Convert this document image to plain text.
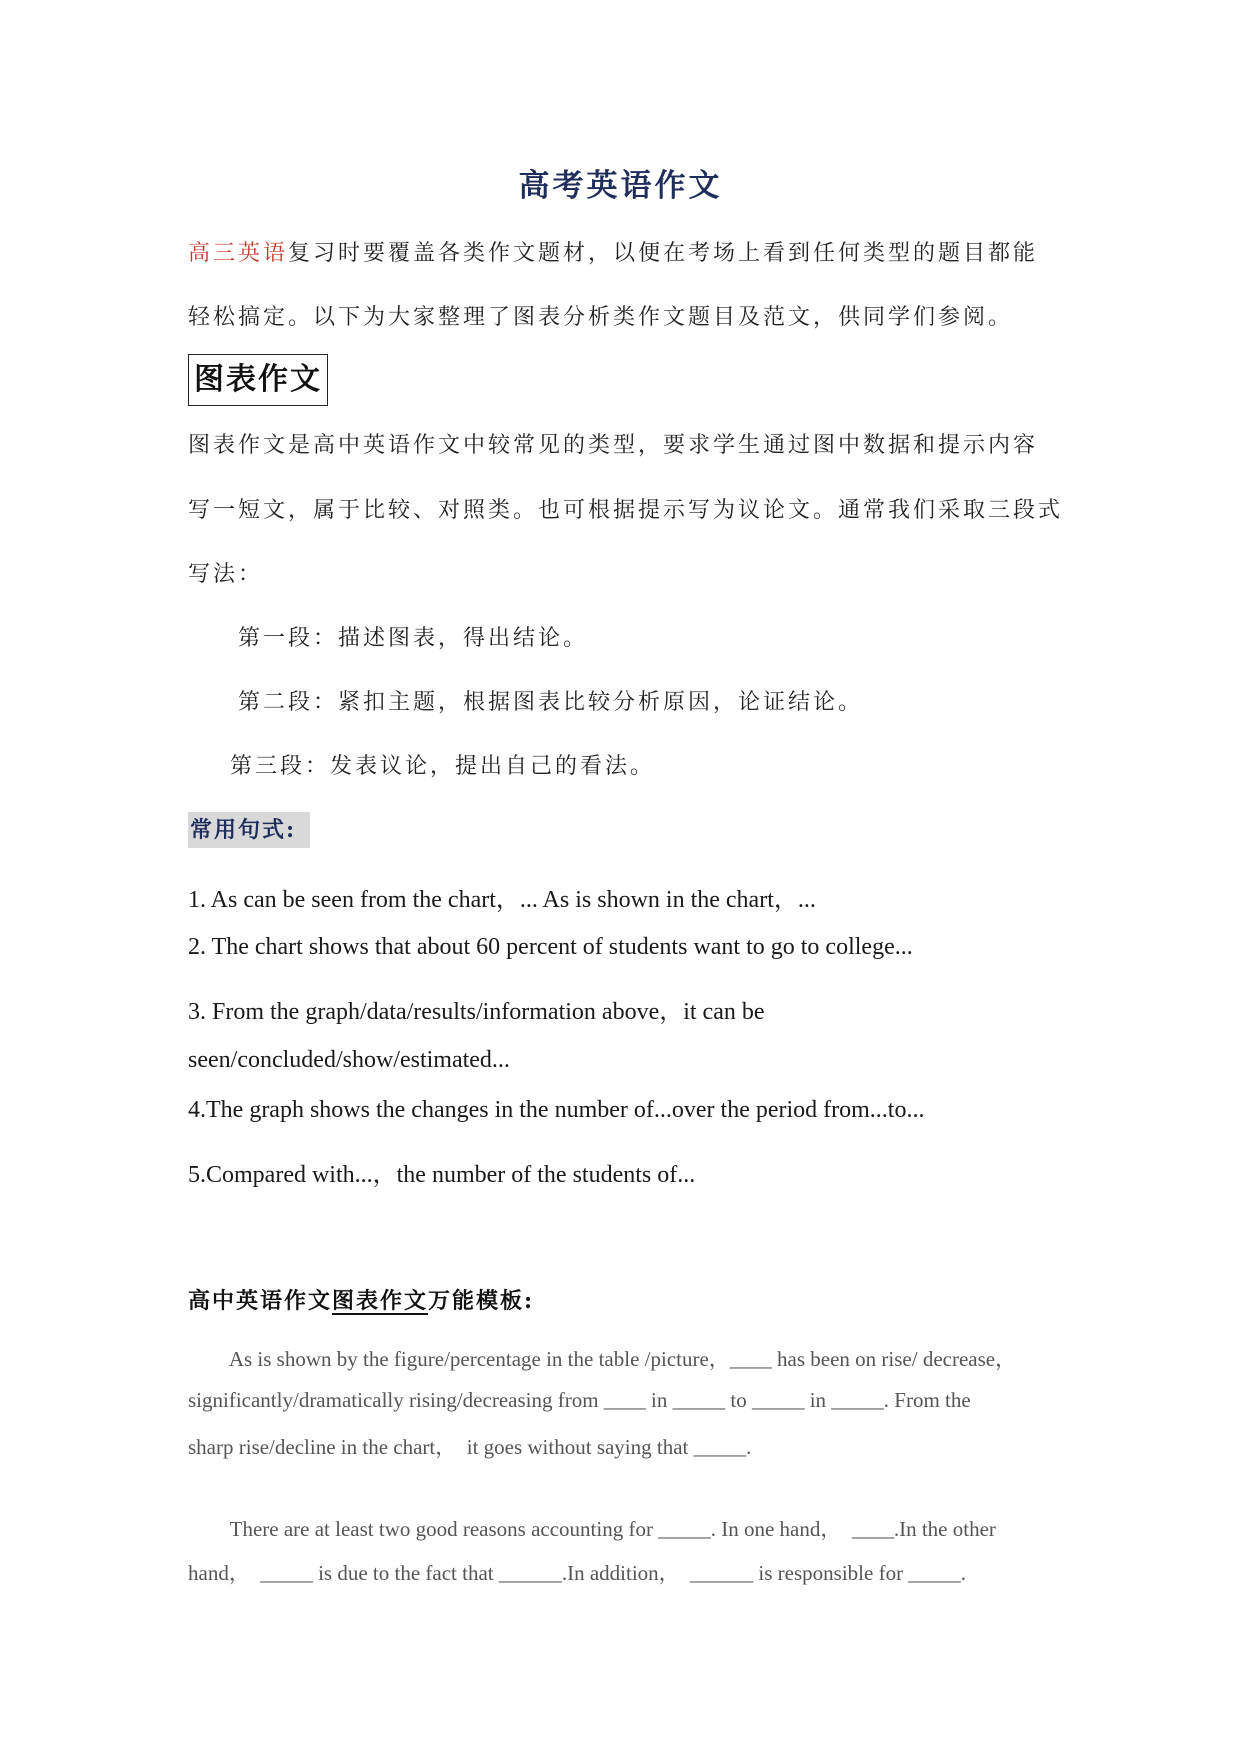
高考英语作文
高三英语复习时要覆盖各类作文题材，以便在考场上看到任何类型的题目都能
轻松搞定。以下为大家整理了图表分析类作文题目及范文，供同学们参阅。
图表作文
图表作文是高中英语作文中较常见的类型，要求学生通过图中数据和提示内容
写一短文，属于比较、对照类。也可根据提示写为议论文。通常我们采取三段式
写法：
第一段：描述图表，得出结论。
第二段：紧扣主题，根据图表比较分析原因，论证结论。
第三段：发表议论，提出自己的看法。
常用句式:
1. As can be seen from the chart，... As is shown in the chart，...
2. The chart shows that about 60 percent of students want to go to college...
3. From the graph/data/results/information above，it can be
seen/concluded/show/estimated...
4.The graph shows the changes in the number of...over the period from...to...
5.Compared with...，the number of the students of...
高中英语作文图表作文万能模板:
As is shown by the figure/percentage in the table /picture，____ has been on rise/ decrease，
significantly/dramatically rising/decreasing from ____ in _____ to _____ in _____. From the
sharp rise/decline in the chart，  it goes without saying that _____.
There are at least two good reasons accounting for _____. In one hand，  ____.In the other
hand，  _____ is due to the fact that ______.In addition，  ______ is responsible for _____.
